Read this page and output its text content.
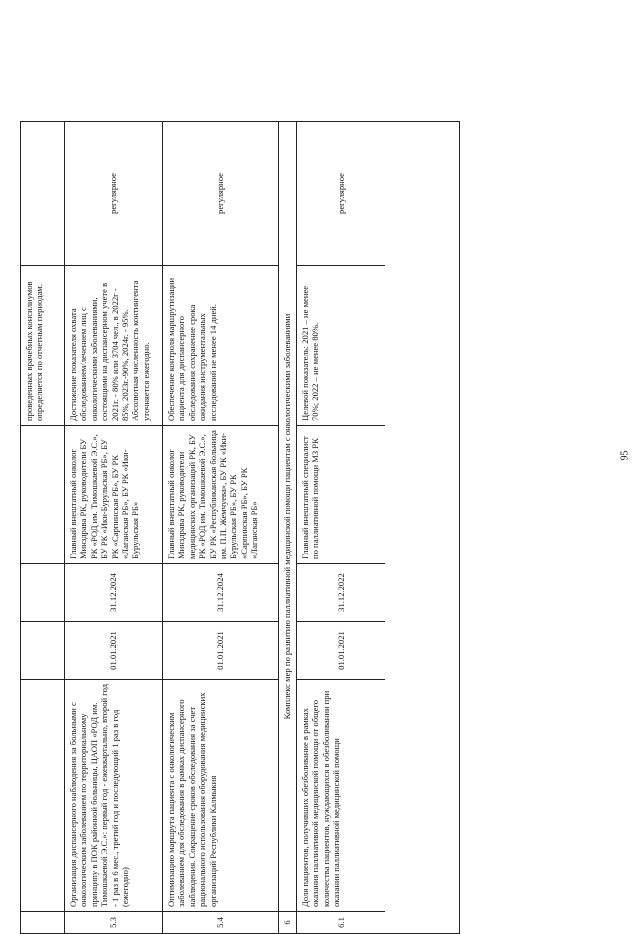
проведенных врачебных консилиумов определяется по отчетным периодам.
5.3
Организация диспансерного наблюдения за больными с онкологическим заболеванием по территориальному принципу в ПОК районной больницы, ЦАОП «РОД им. Тимошкаевой Э.С.»: первый год - ежеквартально, второй год - 1 раз в 6 мес., третий год и последующий 1 раз в год (ежегодно)
01.01.2021
31.12.2024
Главный внештатный онколог Минздрава РК, руководители БУ РК «РОД им. Тимошкаевой Э.С.», БУ РК «Ики-Бурульская РБ», БУ РК «Сарпинская РБ», БУ РК «Лаганская РБ», БУ РК «Ики-Бурульская РБ»
Достижение показателя охвата обследованием/лечением лиц с онкологическими заболеваниями, состоящими на диспансерном учете в 2021г. - 80% или 3704 чел., в 2022г - 85%, 2023г.-90%, 2024г. - 95%. Абсолютная численность контингента уточняется ежегодно.
регулярное
5.4
Оптимизацию маршрута пациента с онкологическим заболеванием для обследования в рамках диспансерного наблюдения. Сокращение сроков обследования за счет рационального использования оборудования медицинских организаций Республики Калмыкия
01.01.2021
31.12.2024
Главный внештатный онколог Минздрава РК, руководители медицинских организаций РК, БУ РК «РОД им. Тимошкаевой Э.С.», БУ РК «Республиканская больница им. П.П. Жемчуева», БУ РК «Ики-Бурульская РБ», БУ РК «Сарпинская РБ», БУ РК «Лаганская РБ»
Обеспечение контроля маршрутизации пациента для диспансерного обследования сохранение срока ожидания инструментальных исследований не менее 14 дней.
регулярное
6
Комплекс мер по развитию паллиативной медицинской помощи пациентам с онкологическими заболеваниями
6.1
Доля пациентов, получивших обезболивание в рамках оказания паллиативной медицинской помощи от общего количества пациентов, нуждающихся в обезболивании при оказании паллиативной медицинской помощи
01.01.2021
31.12.2022
Главный внештатный специалист по паллиативной помощи МЗ РК
Целевой показатель: 2021 – не менее 70%; 2022 – не менее 80%.
регулярное
95
